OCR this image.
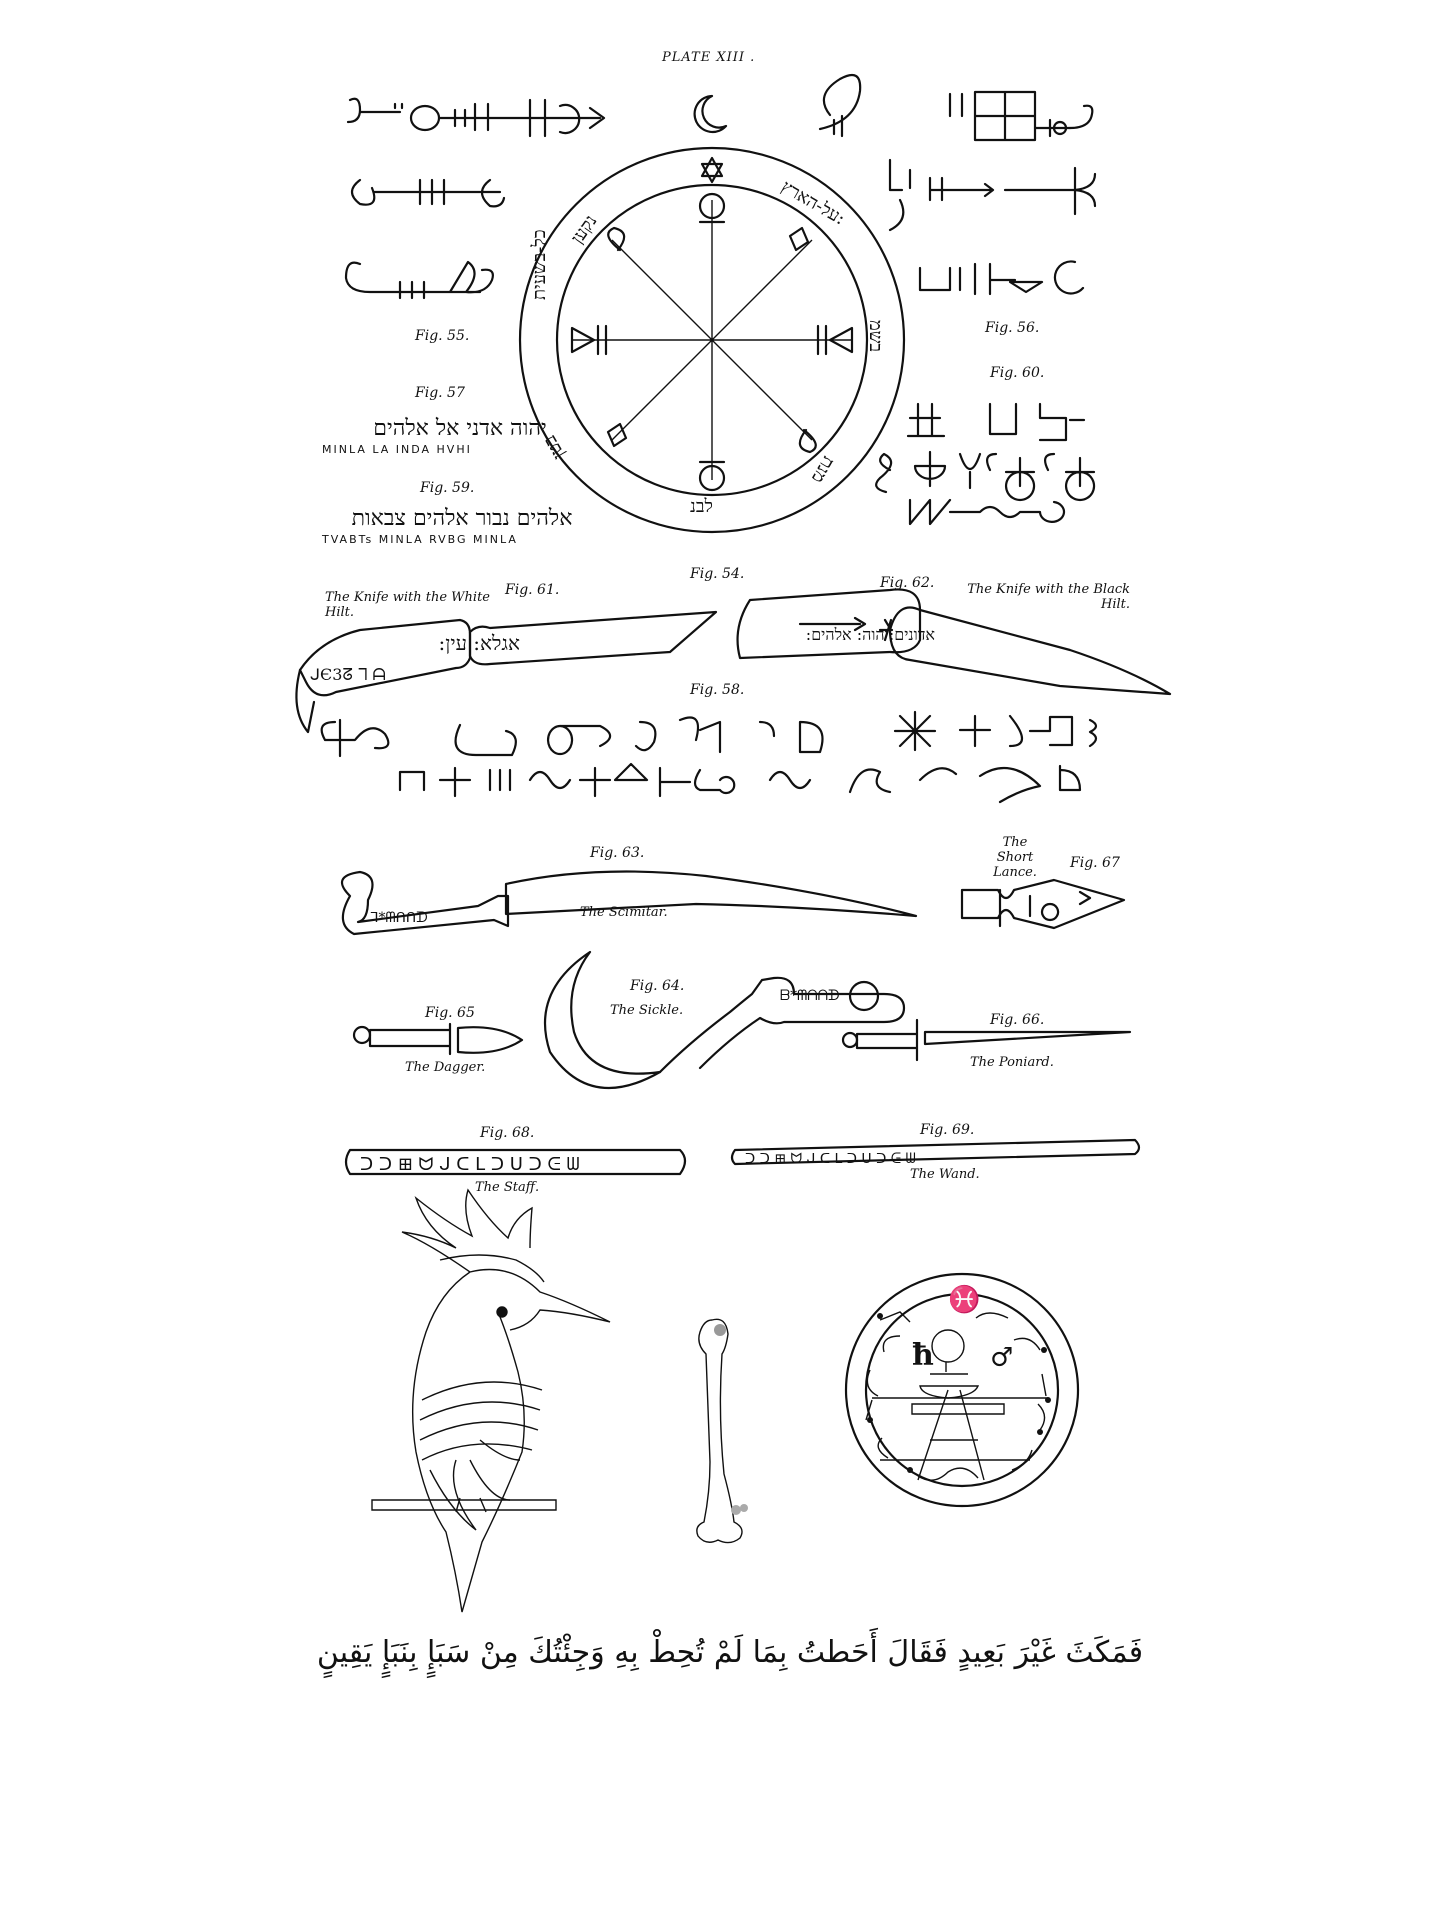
PLATE XIII .
נקען
על-הארץ:
בשמ
כל-בשעית
בטן
לבנ
מנת
Fig. 55.	Fig. 56.
Fig. 57
Fig. 60.
יהוה אדני אל אלהים
MINLA LA INDA HVHI
Fig. 59.
אלהים נבור אלהים צבאות
TVABTs MINLA RVBG MINLA
Fig. 54.
Fig. 61.
The Knife with the White Hilt.
Fig. 62.	The Knife with the Black Hilt.
אגלא: עין:
ᒍЄ3ᘔ ᒣ ᗩ
אדונים:יהוה: אלהים:
Fig. 58.
Fig. 63.
ᒣ*ᗰᑎᑎᗪ	The Scimitar.
The Short Lance.
Fig. 67
Fig. 65
The Dagger.
Fig. 64.
ᗷ*ᗰᑎᑎᗪ
The Sickle.
Fig. 66.
The Poniard.
Fig. 68.
ᑐ ᑐ ⊞ ᗢ ᒍ ᑕ ᒪ ᑐ ᑌ ᑐ ᕮ ᗯ
The Staff.
Fig. 69.
ᑐ ᑐ ⊞ ᗢ ᒍ ᑕ ᒪ ᑐ ᑌ ᑐ ᕮ ᗯ
The Wand.
ħ ♂
♓
فَمَكَثَ غَيْرَ بَعِيدٍ فَقَالَ أَحَطتُ بِمَا لَمْ تُحِطْ بِهِ وَجِئْتُكَ مِنْ سَبَإٍ بِنَبَإٍ يَقِينٍ
